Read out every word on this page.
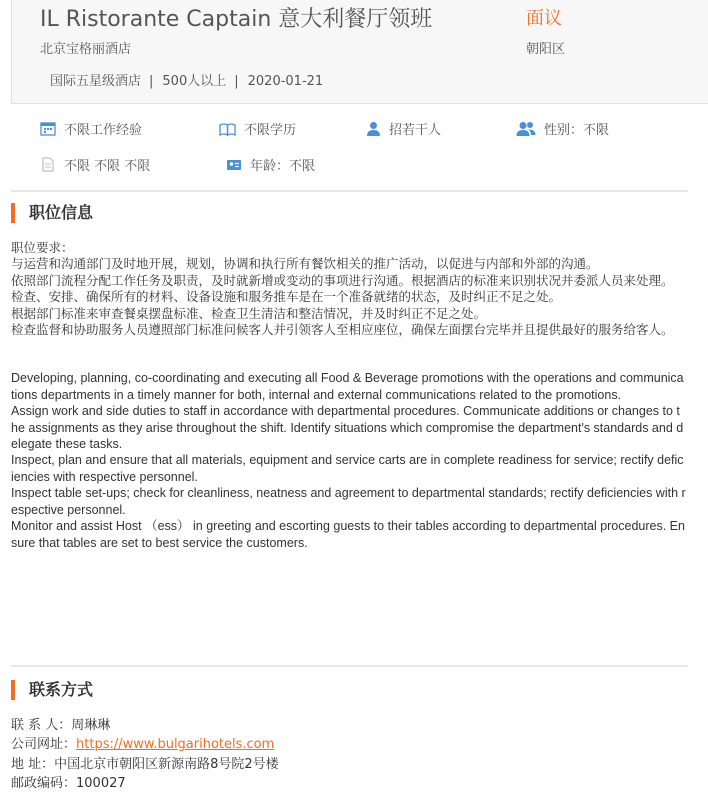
IL Ristorante Captain 意大利餐厅领班	面议
北京宝格丽酒店	朝阳区
国际五星级酒店 | 500人以上 | 2020-01-21
不限工作经验	不限学历	招若干人	性别：不限
不限 不限 不限	年龄：不限
职位信息

职位要求：

与运营和沟通部门及时地开展，规划，协调和执行所有餐饮相关的推广活动，以促进与内部和外部的沟通。

依照部门流程分配工作任务及职责，及时就新增或变动的事项进行沟通。根据酒店的标准来识别状况并委派人员来处理。

检查、安排、确保所有的材料、设备设施和服务推车是在一个准备就绪的状态，及时纠正不足之处。

根据部门标准来审查餐桌摆盘标准、检查卫生清洁和整洁情况，并及时纠正不足之处。

检查监督和协助服务人员遵照部门标准问候客人并引领客人至相应座位，确保左面摆台完毕并且提供最好的服务给客人。

Developing, planning, co-coordinating and executing all Food & Beverage promotions with the operations and communications departments in a timely manner for both, internal and external communications related to the promotions.

Assign work and side duties to staff in accordance with departmental procedures. Communicate additions or changes to the assignments as they arise throughout the shift. Identify situations which compromise the department's standards and delegate these tasks.

Inspect, plan and ensure that all materials, equipment and service carts are in complete readiness for service; rectify deficiencies with respective personnel.

Inspect table set-ups; check for cleanliness, neatness and agreement to departmental standards; rectify deficiencies with respective personnel.

Monitor and assist Host （ess） in greeting and escorting guests to their tables according to departmental procedures. Ensure that tables are set to best service the customers.

联系方式
联 系 人：周琳琳
公司网址：https://www.bulgarihotels.com
地 址：中国北京市朝阳区新源南路8号院2号楼
邮政编码：100027
